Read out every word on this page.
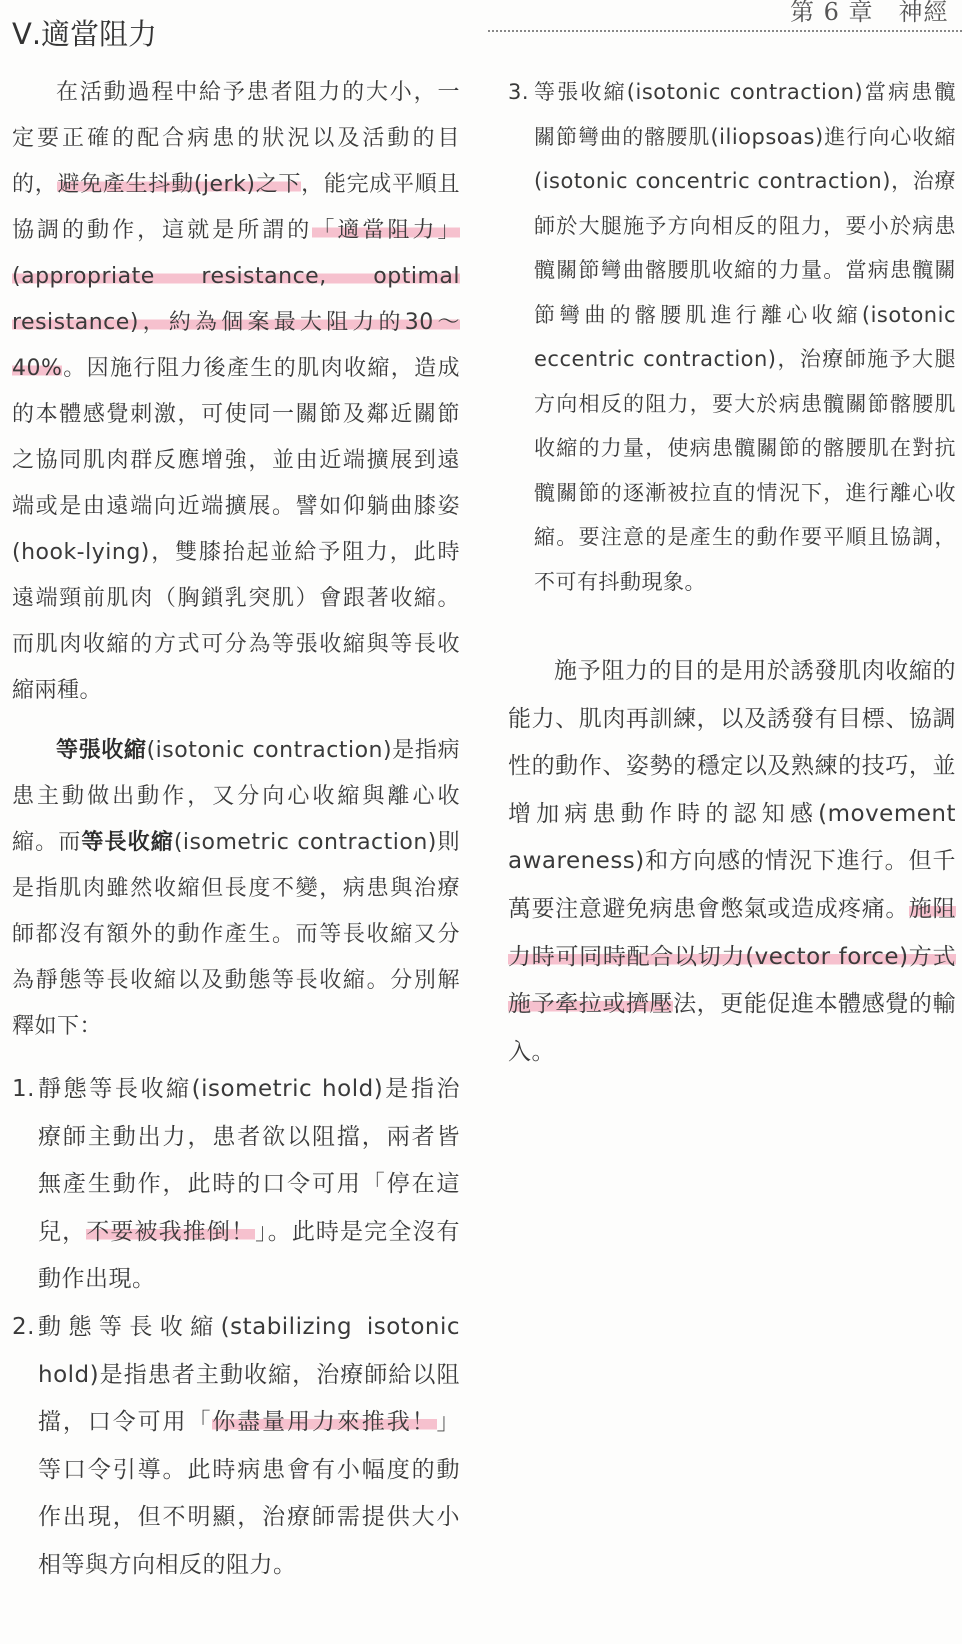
第 6 章　神經
Ⅴ.適當阻力

在活動過程中給予患者阻力的大小，一定要正確的配合病患的狀況以及活動的目的，避免產生抖動(jerk)之下，能完成平順且協調的動作，這就是所謂的「適當阻力」(appropriate resistance, optimal resistance)，約為個案最大阻力的30～40%。因施行阻力後產生的肌肉收縮，造成的本體感覺刺激，可使同一關節及鄰近關節之協同肌肉群反應增強，並由近端擴展到遠端或是由遠端向近端擴展。譬如仰躺曲膝姿(hook-lying)，雙膝抬起並給予阻力，此時遠端頸前肌肉（胸鎖乳突肌）會跟著收縮。而肌肉收縮的方式可分為等張收縮與等長收縮兩種。

等張收縮(isotonic contraction)是指病患主動做出動作，又分向心收縮與離心收縮。而等長收縮(isometric contraction)則是指肌肉雖然收縮但長度不變，病患與治療師都沒有額外的動作產生。而等長收縮又分為靜態等長收縮以及動態等長收縮。分別解釋如下：

1. 靜態等長收縮(isometric hold)是指治療師主動出力，患者欲以阻擋，兩者皆無產生動作，此時的口令可用「停在這兒，不要被我推倒！」。此時是完全沒有動作出現。
2. 動態等長收縮(stabilizing isotonic hold)是指患者主動收縮，治療師給以阻擋，口令可用「你盡量用力來推我！」等口令引導。此時病患會有小幅度的動作出現，但不明顯，治療師需提供大小相等與方向相反的阻力。
3. 等張收縮(isotonic contraction)當病患髖關節彎曲的髂腰肌(iliopsoas)進行向心收縮(isotonic concentric contraction)，治療師於大腿施予方向相反的阻力，要小於病患髖關節彎曲髂腰肌收縮的力量。當病患髖關節彎曲的髂腰肌進行離心收縮(isotonic eccentric contraction)，治療師施予大腿方向相反的阻力，要大於病患髖關節髂腰肌收縮的力量，使病患髖關節的髂腰肌在對抗髖關節的逐漸被拉直的情況下，進行離心收縮。要注意的是產生的動作要平順且協調，不可有抖動現象。

施予阻力的目的是用於誘發肌肉收縮的能力、肌肉再訓練，以及誘發有目標、協調性的動作、姿勢的穩定以及熟練的技巧，並增加病患動作時的認知感(movement awareness)和方向感的情況下進行。但千萬要注意避免病患會憋氣或造成疼痛。施阻力時可同時配合以切力(vector force)方式施予牽拉或擠壓法，更能促進本體感覺的輸入。
